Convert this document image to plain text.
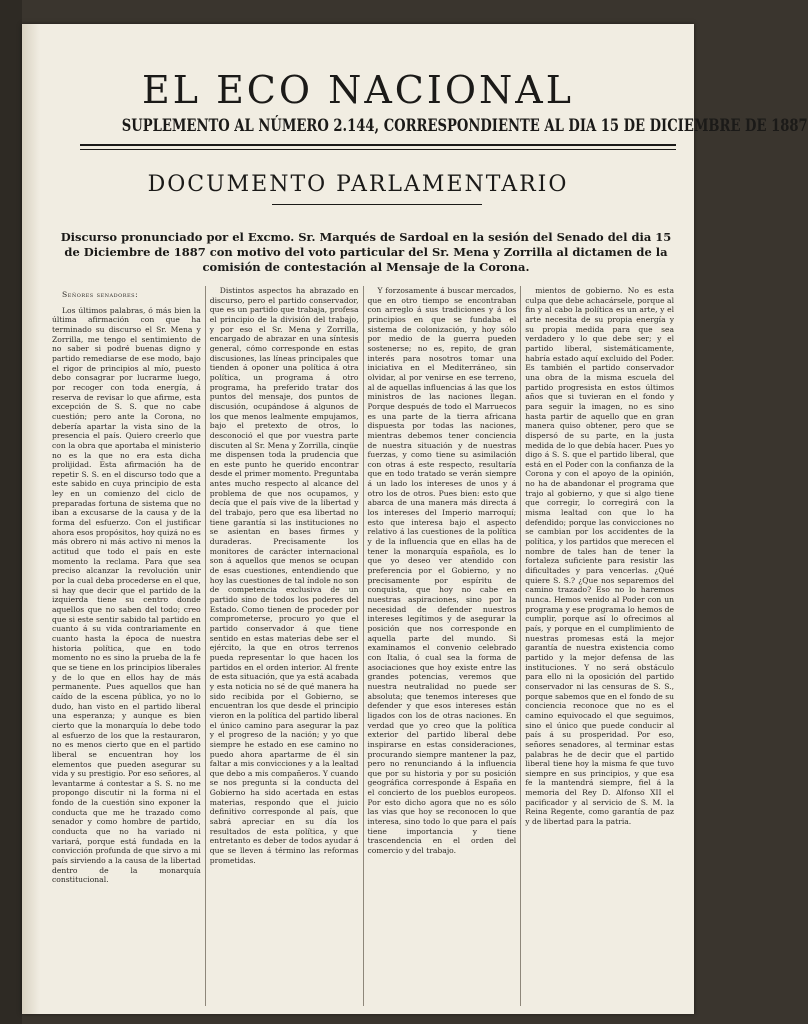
EL ECO NACIONAL
SUPLEMENTO AL NÚMERO 2.144, CORRESPONDIENTE AL DIA 15 DE DICIEMBRE DE 1887
DOCUMENTO PARLAMENTARIO
Discurso pronunciado por el Excmo. Sr. Marqués de Sardoal en la sesión del Senado del dia 15 de Diciembre de 1887 con motivo del voto particular del Sr. Mena y Zorrilla al dictamen de la comisión de contestación al Mensaje de la Corona.

Señores senadores:

Los últimos palabras, ó más bien la última afirmación con que ha terminado su discurso el Sr. Mena y Zorrilla, me tengo el sentimiento de no saber si podré buenas digno y partido remediarse de ese modo, bajo el rigor de principios al mío, puesto debo consagrar por lucrarme luego, por recoger con toda energía, á reserva de revisar lo que afirme, esta excepción de S. S. que no cabe cuestión; pero ante la Corona, no debería apartar la vista sino de la presencia el país. Quiero creerlo que con la obra que aportaba el ministerio no es la que no era esta dicha prolijidad. Esta afirmación ha de repetir S. S. en el discurso todo que a este sabido en cuya principio de esta ley en un comienzo del ciclo de preparadas fortuna de sistema que no iban a excusarse de la causa y de la forma del esfuerzo. Con el justificar ahora esos propósitos, hoy quizá no es más obrero ni más activo ni menos la actitud que todo el país en este momento la reclama. Para que sea preciso alcanzar la revolución unir por la cual deba procederse en el que, si hay que decir que el partido de la izquierda tiene su centro donde aquellos que no saben del todo; creo que si este sentir sabido tal partido en cuanto á su vida contrariamente en cuanto hasta la época de nuestra historia política, que en todo momento no es sino la prueba de la fe que se tiene en los principios liberales y de lo que en ellos hay de más permanente. Pues aquellos que han caído de la escena pública, yo no lo dudo, han visto en el partido liberal una esperanza; y aunque es bien cierto que la monarquía lo debe todo al esfuerzo de los que la restauraron, no es menos cierto que en el partido liberal se encuentran hoy los elementos que pueden asegurar su vida y su prestigio. Por eso señores, al levantarme á contestar a S. S. no me propongo discutir ni la forma ni el fondo de la cuestión sino exponer la conducta que me he trazado como senador y como hombre de partido, conducta que no ha variado ni variará, porque está fundada en la convicción profunda de que sirvo a mi país sirviendo a la causa de la libertad dentro de la monarquía constitucional.

Distintos aspectos ha abrazado en discurso, pero el partido conservador, que es un partido que trabaja, profesa el principio de la división del trabajo, y por eso el Sr. Mena y Zorrilla, encargado de abrazar en una síntesis general, cómo corresponde en estas discusiones, las líneas principales que tienden á oponer una política á otra política, un programa á otro programa, ha preferido tratar dos puntos del mensaje, dos puntos de discusión, ocupándose á algunos de los que menos lealmente empujamos, bajo el pretexto de otros, lo desconoció el que por vuestra parte discuten al Sr. Mena y Zorrilla, cinqüe me dispensen toda la prudencia que en este punto he querido encontrar desde el primer momento. Preguntaba antes mucho respecto al alcance del problema de que nos ocupamos, y decía que el país vive de la libertad y del trabajo, pero que esa libertad no tiene garantía si las instituciones no se asientan en bases firmes y duraderas. Precisamente los monitores de carácter internacional son á aquellos que menos se ocupan de esas cuestiones, entendiendo que hoy las cuestiones de tal índole no son de competencia exclusiva de un partido sino de todos los poderes del Estado. Como tienen de proceder por comprometerse, procuro yo que el partido conservador á que tiene sentido en estas materias debe ser el ejército, la que en otros terrenos pueda representar lo que hacen los partidos en el orden interior. Al frente de esta situación, que ya está acabada y esta noticia no sé de qué manera ha sido recibida por el Gobierno, se encuentran los que desde el principio vieron en la política del partido liberal el único camino para asegurar la paz y el progreso de la nación; y yo que siempre he estado en ese camino no puedo ahora apartarme de él sin faltar a mis convicciones y a la lealtad que debo a mis compañeros. Y cuando se nos pregunta si la conducta del Gobierno ha sido acertada en estas materias, respondo que el juicio definitivo corresponde al país, que sabrá apreciar en su día los resultados de esta política, y que entretanto es deber de todos ayudar á que se lleven á término las reformas prometidas.

Y forzosamente á buscar mercados, que en otro tiempo se encontraban con arreglo á sus tradiciones y á los principios en que se fundaba el sistema de colonización, y hoy sólo por medio de la guerra pueden sostenerse; no es, repito, de gran interés para nosotros tomar una iniciativa en el Mediterráneo, sin olvidar, al por venirse en ese terreno, al de aquellas influencias á las que los ministros de las naciones llegan. Porque después de todo el Marruecos es una parte de la tierra africana dispuesta por todas las naciones, mientras debemos tener conciencia de nuestra situación y de nuestras fuerzas, y como tiene su asimilación con otras á este respecto, resultaría que en todo tratado se verán siempre á un lado los intereses de unos y á otro los de otros. Pues bien: esto que abarca de una manera más directa á los intereses del Imperio marroquí; esto que interesa bajo el aspecto relativo á las cuestiones de la política y de la influencia que en ellas ha de tener la monarquía española, es lo que yo deseo ver atendido con preferencia por el Gobierno, y no precisamente por espíritu de conquista, que hoy no cabe en nuestras aspiraciones, sino por la necesidad de defender nuestros intereses legítimos y de asegurar la posición que nos corresponde en aquella parte del mundo. Si examinamos el convenio celebrado con Italia, ó cual sea la forma de asociaciones que hoy existe entre las grandes potencias, veremos que nuestra neutralidad no puede ser absoluta; que tenemos intereses que defender y que esos intereses están ligados con los de otras naciones. En verdad que yo creo que la política exterior del partido liberal debe inspirarse en estas consideraciones, procurando siempre mantener la paz, pero no renunciando á la influencia que por su historia y por su posición geográfica corresponde á España en el concierto de los pueblos europeos. Por esto dicho agora que no es sólo las vias que hoy se reconocen lo que interesa, sino todo lo que para el país tiene importancia y tiene trascendencia en el orden del comercio y del trabajo.

mientos de gobierno. No es esta culpa que debe achacársele, porque al fin y al cabo la política es un arte, y el arte necesita de su propia energía y su propia medida para que sea verdadero y lo que debe ser; y el partido liberal, sistemáticamente, habría estado aquí excluido del Poder. Es también el partido conservador una obra de la misma escuela del partido progresista en estos últimos años que si tuvieran en el fondo y para seguir la imagen, no es sino hasta partir de aquello que en gran manera quiso obtener, pero que se dispersó de su parte, en la justa medida de lo que debía hacer. Pues yo digo á S. S. que el partido liberal, que está en el Poder con la confianza de la Corona y con el apoyo de la opinión, no ha de abandonar el programa que trajo al gobierno, y que si algo tiene que corregir, lo corregirá con la misma lealtad con que lo ha defendido; porque las convicciones no se cambian por los accidentes de la política, y los partidos que merecen el nombre de tales han de tener la fortaleza suficiente para resistir las dificultades y para vencerlas. ¿Qué quiere S. S.? ¿Que nos separemos del camino trazado? Eso no lo haremos nunca. Hemos venido al Poder con un programa y ese programa lo hemos de cumplir, porque así lo ofrecimos al país, y porque en el cumplimiento de nuestras promesas está la mejor garantía de nuestra existencia como partido y la mejor defensa de las instituciones. Y no será obstáculo para ello ni la oposición del partido conservador ni las censuras de S. S., porque sabemos que en el fondo de su conciencia reconoce que no es el camino equivocado el que seguimos, sino el único que puede conducir al país á su prosperidad. Por eso, señores senadores, al terminar estas palabras he de decir que el partido liberal tiene hoy la misma fe que tuvo siempre en sus principios, y que esa fe la mantendrá siempre, fiel á la memoria del Rey D. Alfonso XII el pacificador y al servicio de S. M. la Reina Regente, como garantía de paz y de libertad para la patria.
